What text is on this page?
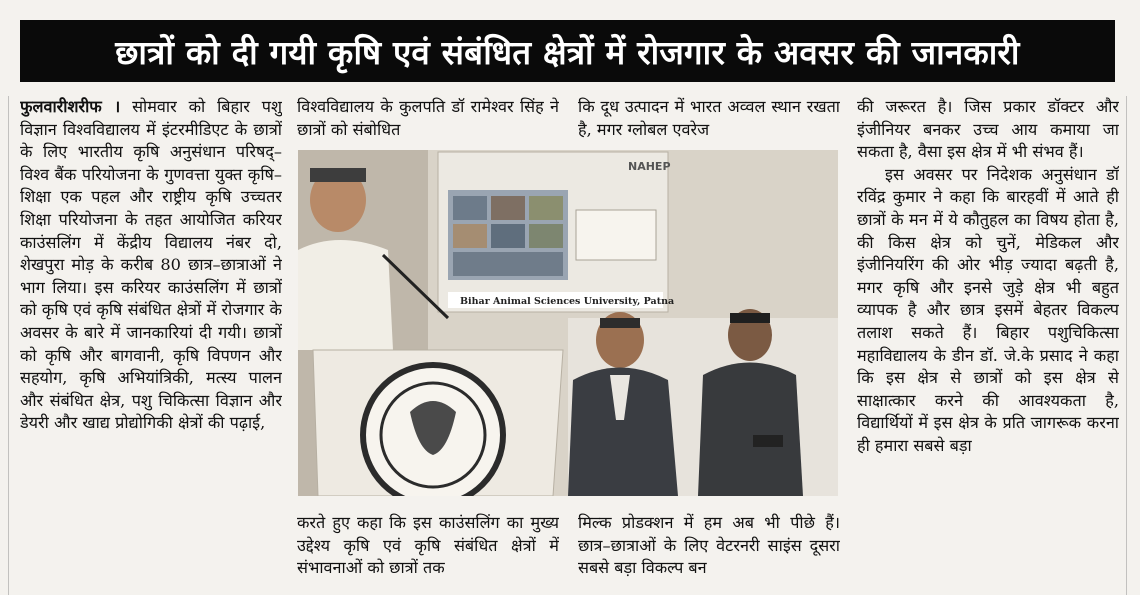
छात्रों को दी गयी कृषि एवं संबंधित क्षेत्रों में रोजगार के अवसर की जानकारी

फुलवारीशरीफ । सोमवार को बिहार पशु विज्ञान विश्वविद्यालय में इंटरमीडिएट के छात्रों के लिए भारतीय कृषि अनुसंधान परिषद्–विश्व बैंक परियोजना के गुणवत्ता युक्त कृषि–शिक्षा एक पहल और राष्ट्रीय कृषि उच्चतर शिक्षा परियोजना के तहत आयोजित करियर काउंसलिंग में केंद्रीय विद्यालय नंबर दो, शेखपुरा मोड़ के करीब 80 छात्र–छात्राओं ने भाग लिया। इस करियर काउंसलिंग में छात्रों को कृषि एवं कृषि संबंधित क्षेत्रों में रोजगार के अवसर के बारे में जानकारियां दी गयी। छात्रों को कृषि और बागवानी, कृषि विपणन और सहयोग, कृषि अभियांत्रिकी, मत्स्य पालन और संबंधित क्षेत्र, पशु चिकित्सा विज्ञान और डेयरी और खाद्य प्रोद्योगिकी क्षेत्रों की पढ़ाई,

विश्वविद्यालय के कुलपति डॉ रामेश्वर सिंह ने छात्रों को संबोधित

कि दूध उत्पादन में भारत अव्वल स्थान रखता है, मगर ग्लोबल एवरेज

NAHEP
Bihar Animal Sciences University, Patna

करते हुए कहा कि इस काउंसलिंग का मुख्य उद्देश्य कृषि एवं कृषि संबंधित क्षेत्रों में संभावनाओं को छात्रों तक

मिल्क प्रोडक्शन में हम अब भी पीछे हैं। छात्र–छात्राओं के लिए वेटरनरी साइंस दूसरा सबसे बड़ा विकल्प बन

की जरूरत है। जिस प्रकार डॉक्टर और इंजीनियर बनकर उच्च आय कमाया जा सकता है, वैसा इस क्षेत्र में भी संभव हैं।

इस अवसर पर निदेशक अनुसंधान डॉ रविंद्र कुमार ने कहा कि बारहवीं में आते ही छात्रों के मन में ये कौतुहल का विषय होता है, की किस क्षेत्र को चुनें, मेडिकल और इंजीनियरिंग की ओर भीड़ ज्यादा बढ़ती है, मगर कृषि और इनसे जुड़े क्षेत्र भी बहुत व्यापक है और छात्र इसमें बेहतर विकल्प तलाश सकते हैं। बिहार पशुचिकित्सा महाविद्यालय के डीन डॉ. जे.के प्रसाद ने कहा कि इस क्षेत्र से छात्रों को इस क्षेत्र से साक्षात्कार करने की आवश्यकता है, विद्यार्थियों में इस क्षेत्र के प्रति जागरूक करना ही हमारा सबसे बड़ा
